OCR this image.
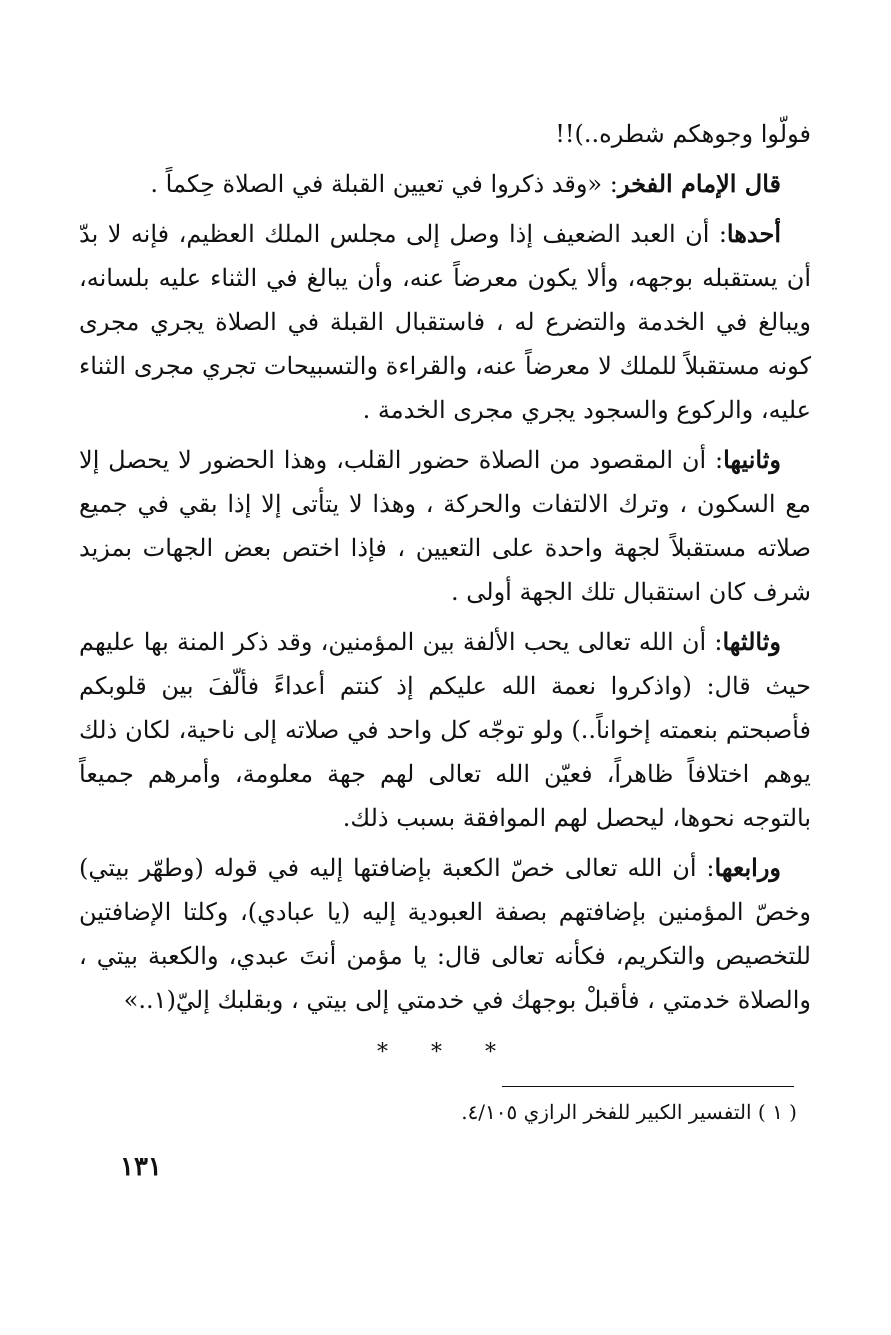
فولّوا وجوهكم شطره..)!!

قال الإمام الفخر: «وقد ذكروا في تعيين القبلة في الصلاة حِكماً .

أحدها: أن العبد الضعيف إذا وصل إلى مجلس الملك العظيم، فإنه لا بدّ أن يستقبله بوجهه، وألا يكون معرضاً عنه، وأن يبالغ في الثناء عليه بلسانه، ويبالغ في الخدمة والتضرع له ، فاستقبال القبلة في الصلاة يجري مجرى كونه مستقبلاً للملك لا معرضاً عنه، والقراءة والتسبيحات تجري مجرى الثناء عليه، والركوع والسجود يجري مجرى الخدمة .

وثانيها: أن المقصود من الصلاة حضور القلب، وهذا الحضور لا يحصل إلا مع السكون ، وترك الالتفات والحركة ، وهذا لا يتأتى إلا إذا بقي في جميع صلاته مستقبلاً لجهة واحدة على التعيين ، فإذا اختص بعض الجهات بمزيد شرف كان استقبال تلك الجهة أولى .

وثالثها: أن الله تعالى يحب الألفة بين المؤمنين، وقد ذكر المنة بها عليهم حيث قال: (واذكروا نعمة الله عليكم إذ كنتم أعداءً فألّفَ بين قلوبكم فأصبحتم بنعمته إخواناً..) ولو توجّه كل واحد في صلاته إلى ناحية، لكان ذلك يوهم اختلافاً ظاهراً، فعيّن الله تعالى لهم جهة معلومة، وأمرهم جميعاً بالتوجه نحوها، ليحصل لهم الموافقة بسبب ذلك.

ورابعها: أن الله تعالى خصّ الكعبة بإضافتها إليه في قوله (وطهّر بيتي) وخصّ المؤمنين بإضافتهم بصفة العبودية إليه (يا عبادي)، وكلتا الإضافتين للتخصيص والتكريم، فكأنه تعالى قال: يا مؤمن أنتَ عبدي، والكعبة بيتي ، والصلاة خدمتي ، فأقبلْ بوجهك في خدمتي إلى بيتي ، وبقلبك إليّ(١..»

* * *
( ١ ) التفسير الكبير للفخر الرازي ٤/١٠٥.
١٣١
